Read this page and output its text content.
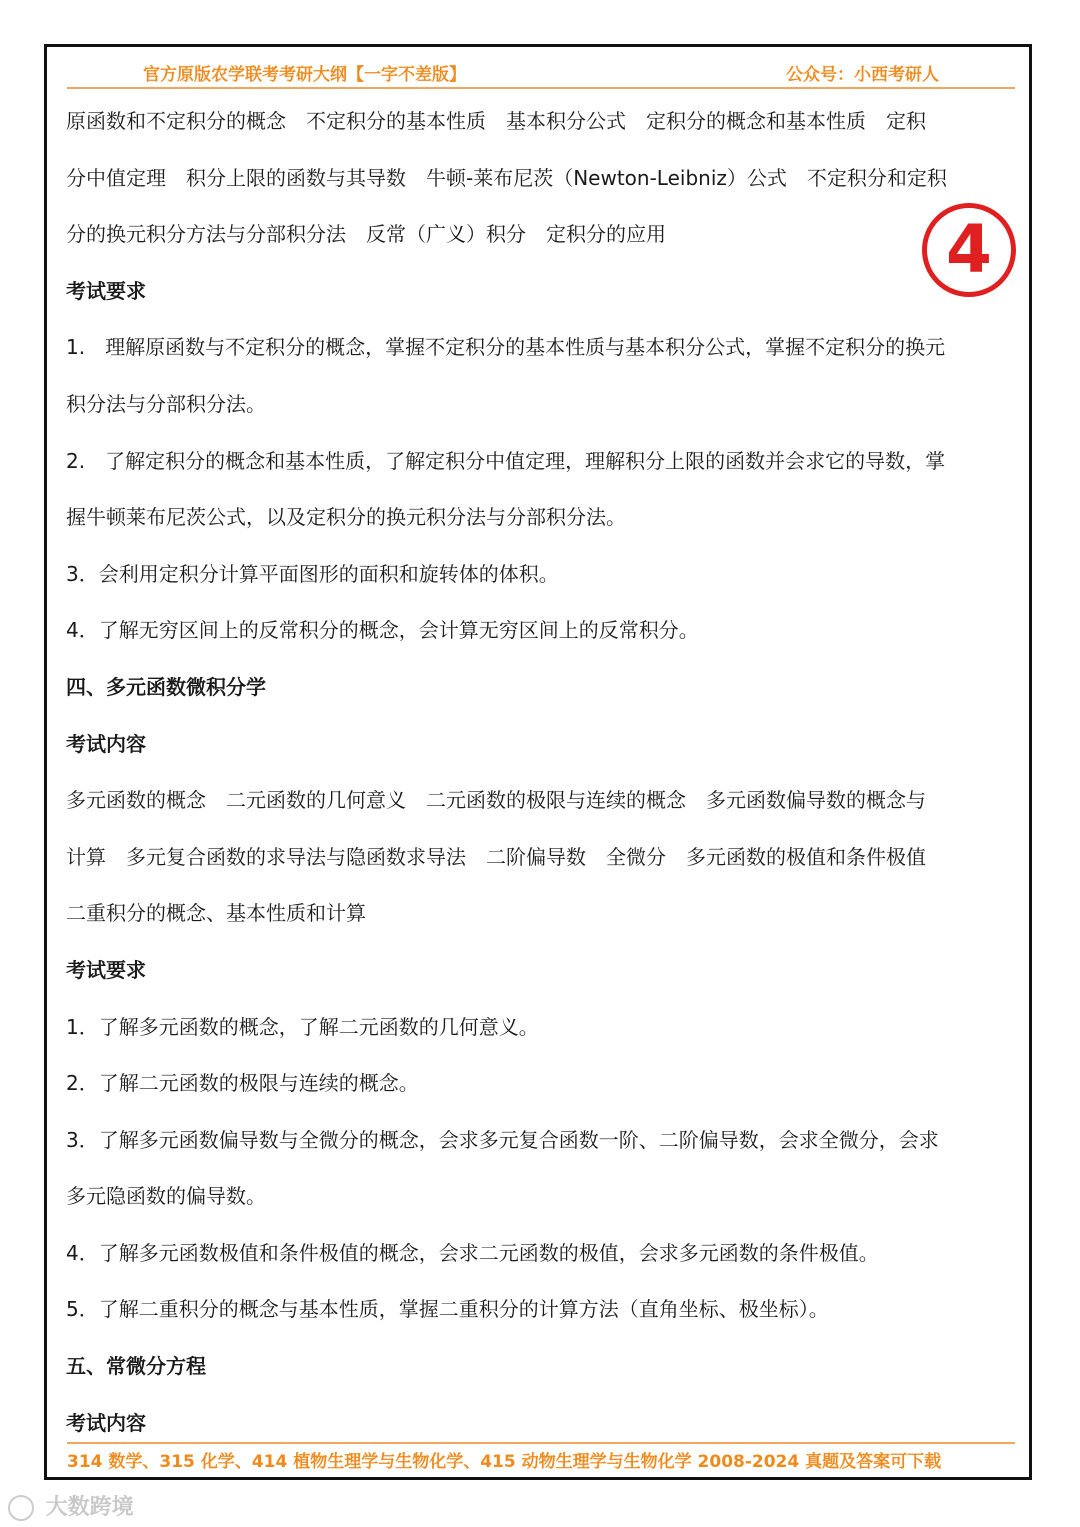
官方原版农学联考考研大纲【一字不差版】	公众号：小西考研人
原函数和不定积分的概念　不定积分的基本性质　基本积分公式　定积分的概念和基本性质　定积
分中值定理　积分上限的函数与其导数　牛顿-莱布尼茨（Newton-Leibniz）公式　不定积分和定积
分的换元积分方法与分部积分法　反常（广义）积分　定积分的应用
考试要求
1.　理解原函数与不定积分的概念，掌握不定积分的基本性质与基本积分公式，掌握不定积分的换元
积分法与分部积分法。
2.　了解定积分的概念和基本性质，了解定积分中值定理，理解积分上限的函数并会求它的导数，掌
握牛顿莱布尼茨公式，以及定积分的换元积分法与分部积分法。
3．会利用定积分计算平面图形的面积和旋转体的体积。
4．了解无穷区间上的反常积分的概念，会计算无穷区间上的反常积分。
四、多元函数微积分学
考试内容
多元函数的概念　二元函数的几何意义　二元函数的极限与连续的概念　多元函数偏导数的概念与
计算　多元复合函数的求导法与隐函数求导法　二阶偏导数　全微分　多元函数的极值和条件极值
二重积分的概念、基本性质和计算
考试要求
1．了解多元函数的概念，了解二元函数的几何意义。
2．了解二元函数的极限与连续的概念。
3．了解多元函数偏导数与全微分的概念，会求多元复合函数一阶、二阶偏导数，会求全微分，会求
多元隐函数的偏导数。
4．了解多元函数极值和条件极值的概念，会求二元函数的极值，会求多元函数的条件极值。
5．了解二重积分的概念与基本性质，掌握二重积分的计算方法（直角坐标、极坐标）。
五、常微分方程
考试内容
4
314 数学、315 化学、414 植物生理学与生物化学、415 动物生理学与生物化学 2008-2024 真题及答案可下载
大数跨境
